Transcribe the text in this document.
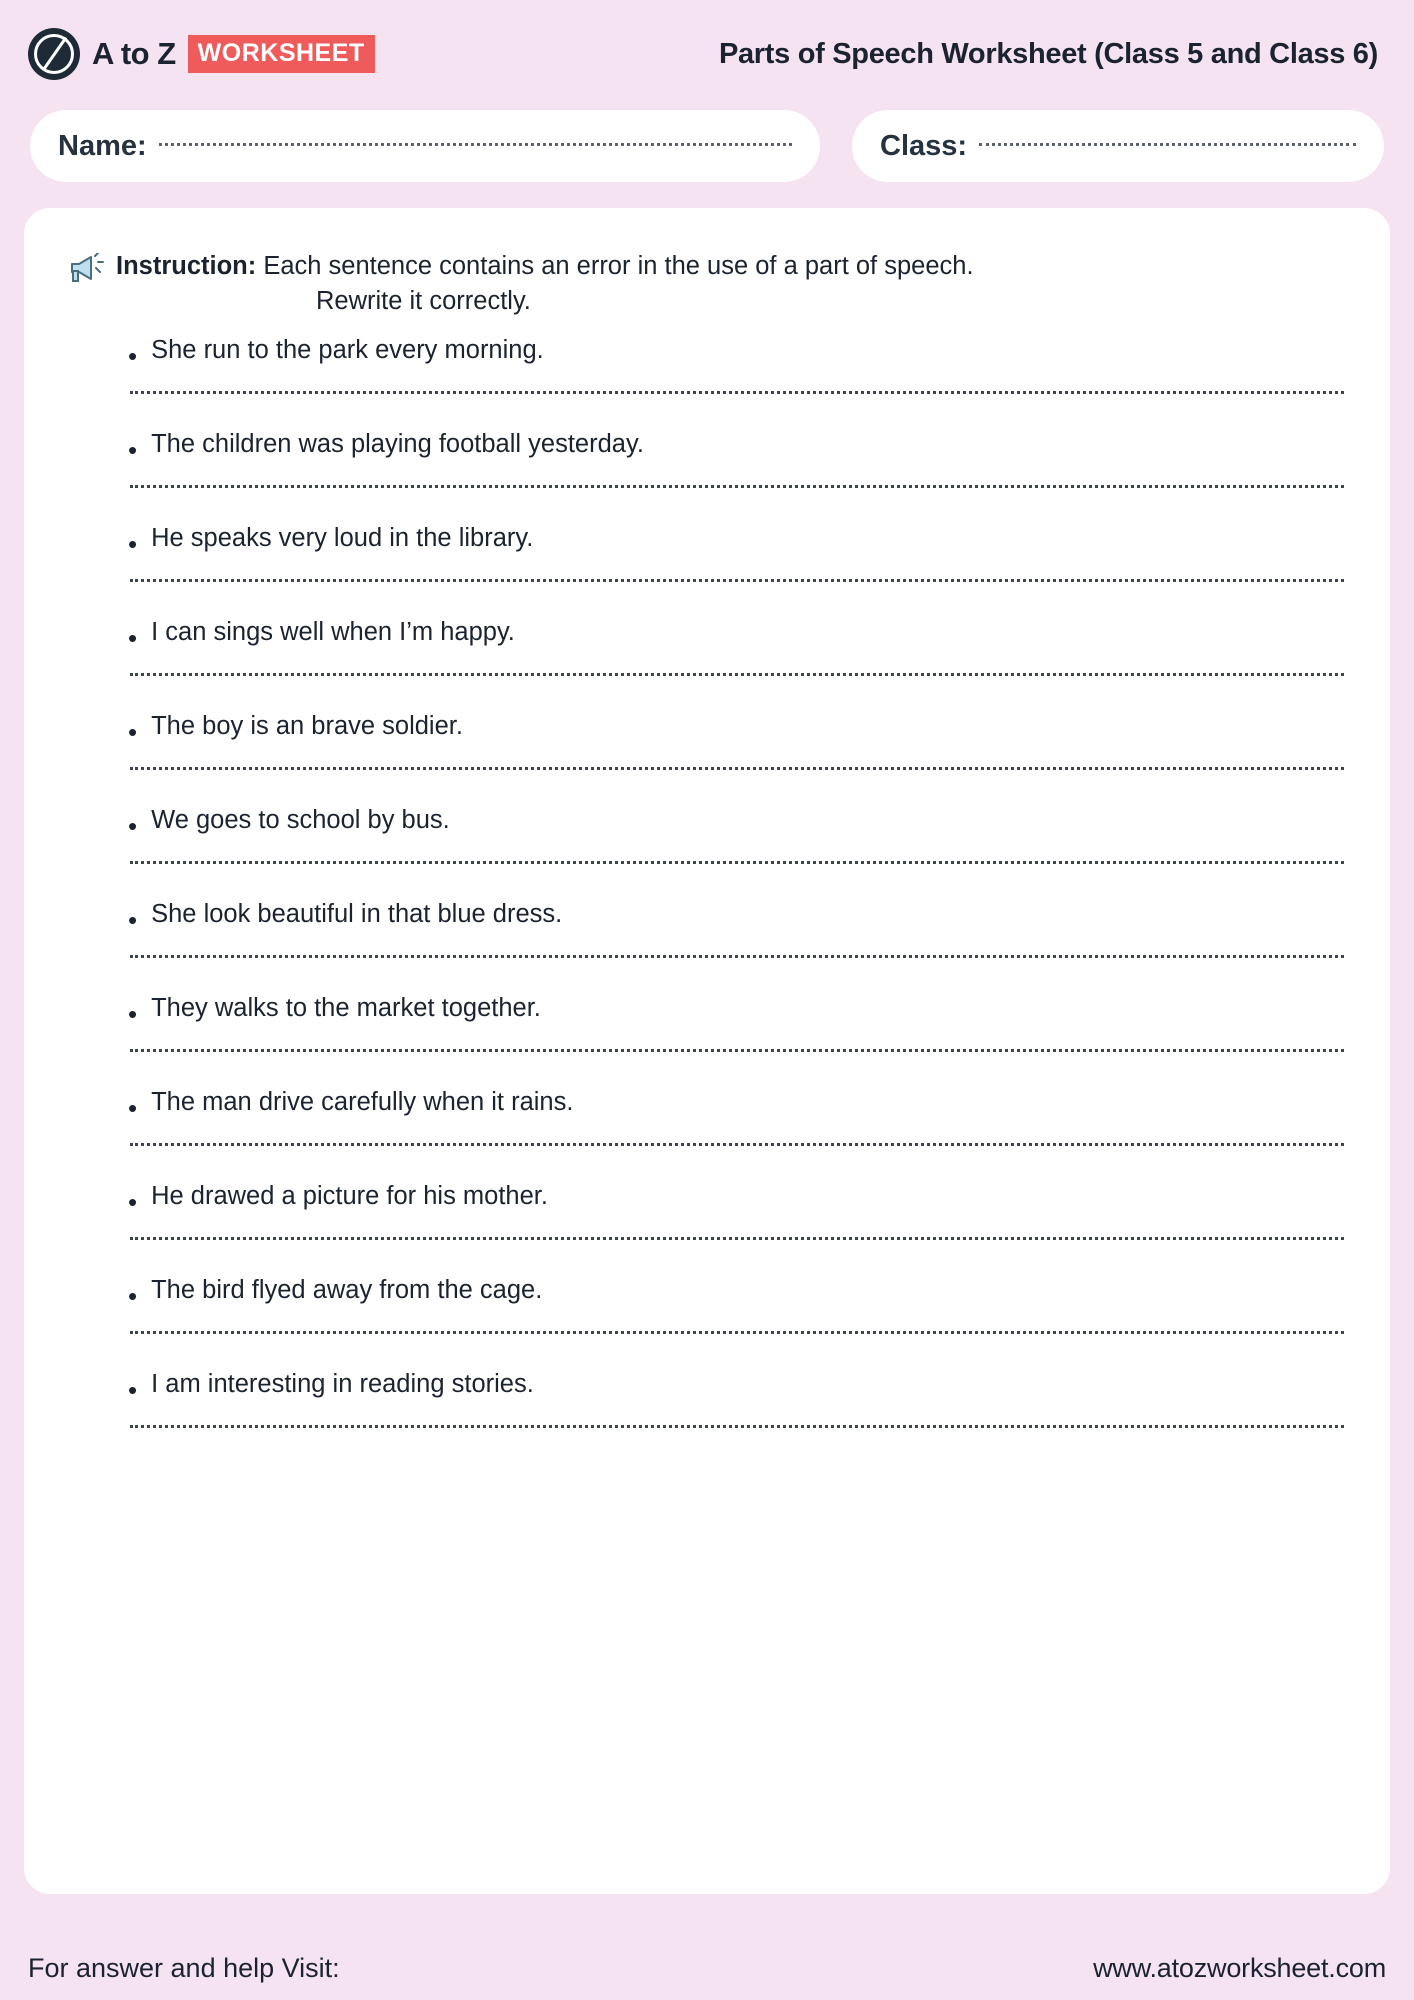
A to Z WORKSHEET	Parts of Speech Worksheet (Class 5 and Class 6)
Name:	Class:
Instruction: Each sentence contains an error in the use of a part of speech.
Rewrite it correctly.
• She run to the park every morning.
• The children was playing football yesterday.
• He speaks very loud in the library.
• I can sings well when I’m happy.
• The boy is an brave soldier.
• We goes to school by bus.
• She look beautiful in that blue dress.
• They walks to the market together.
• The man drive carefully when it rains.
• He drawed a picture for his mother.
• The bird flyed away from the cage.
• I am interesting in reading stories.
For answer and help Visit:	www.atozworksheet.com
